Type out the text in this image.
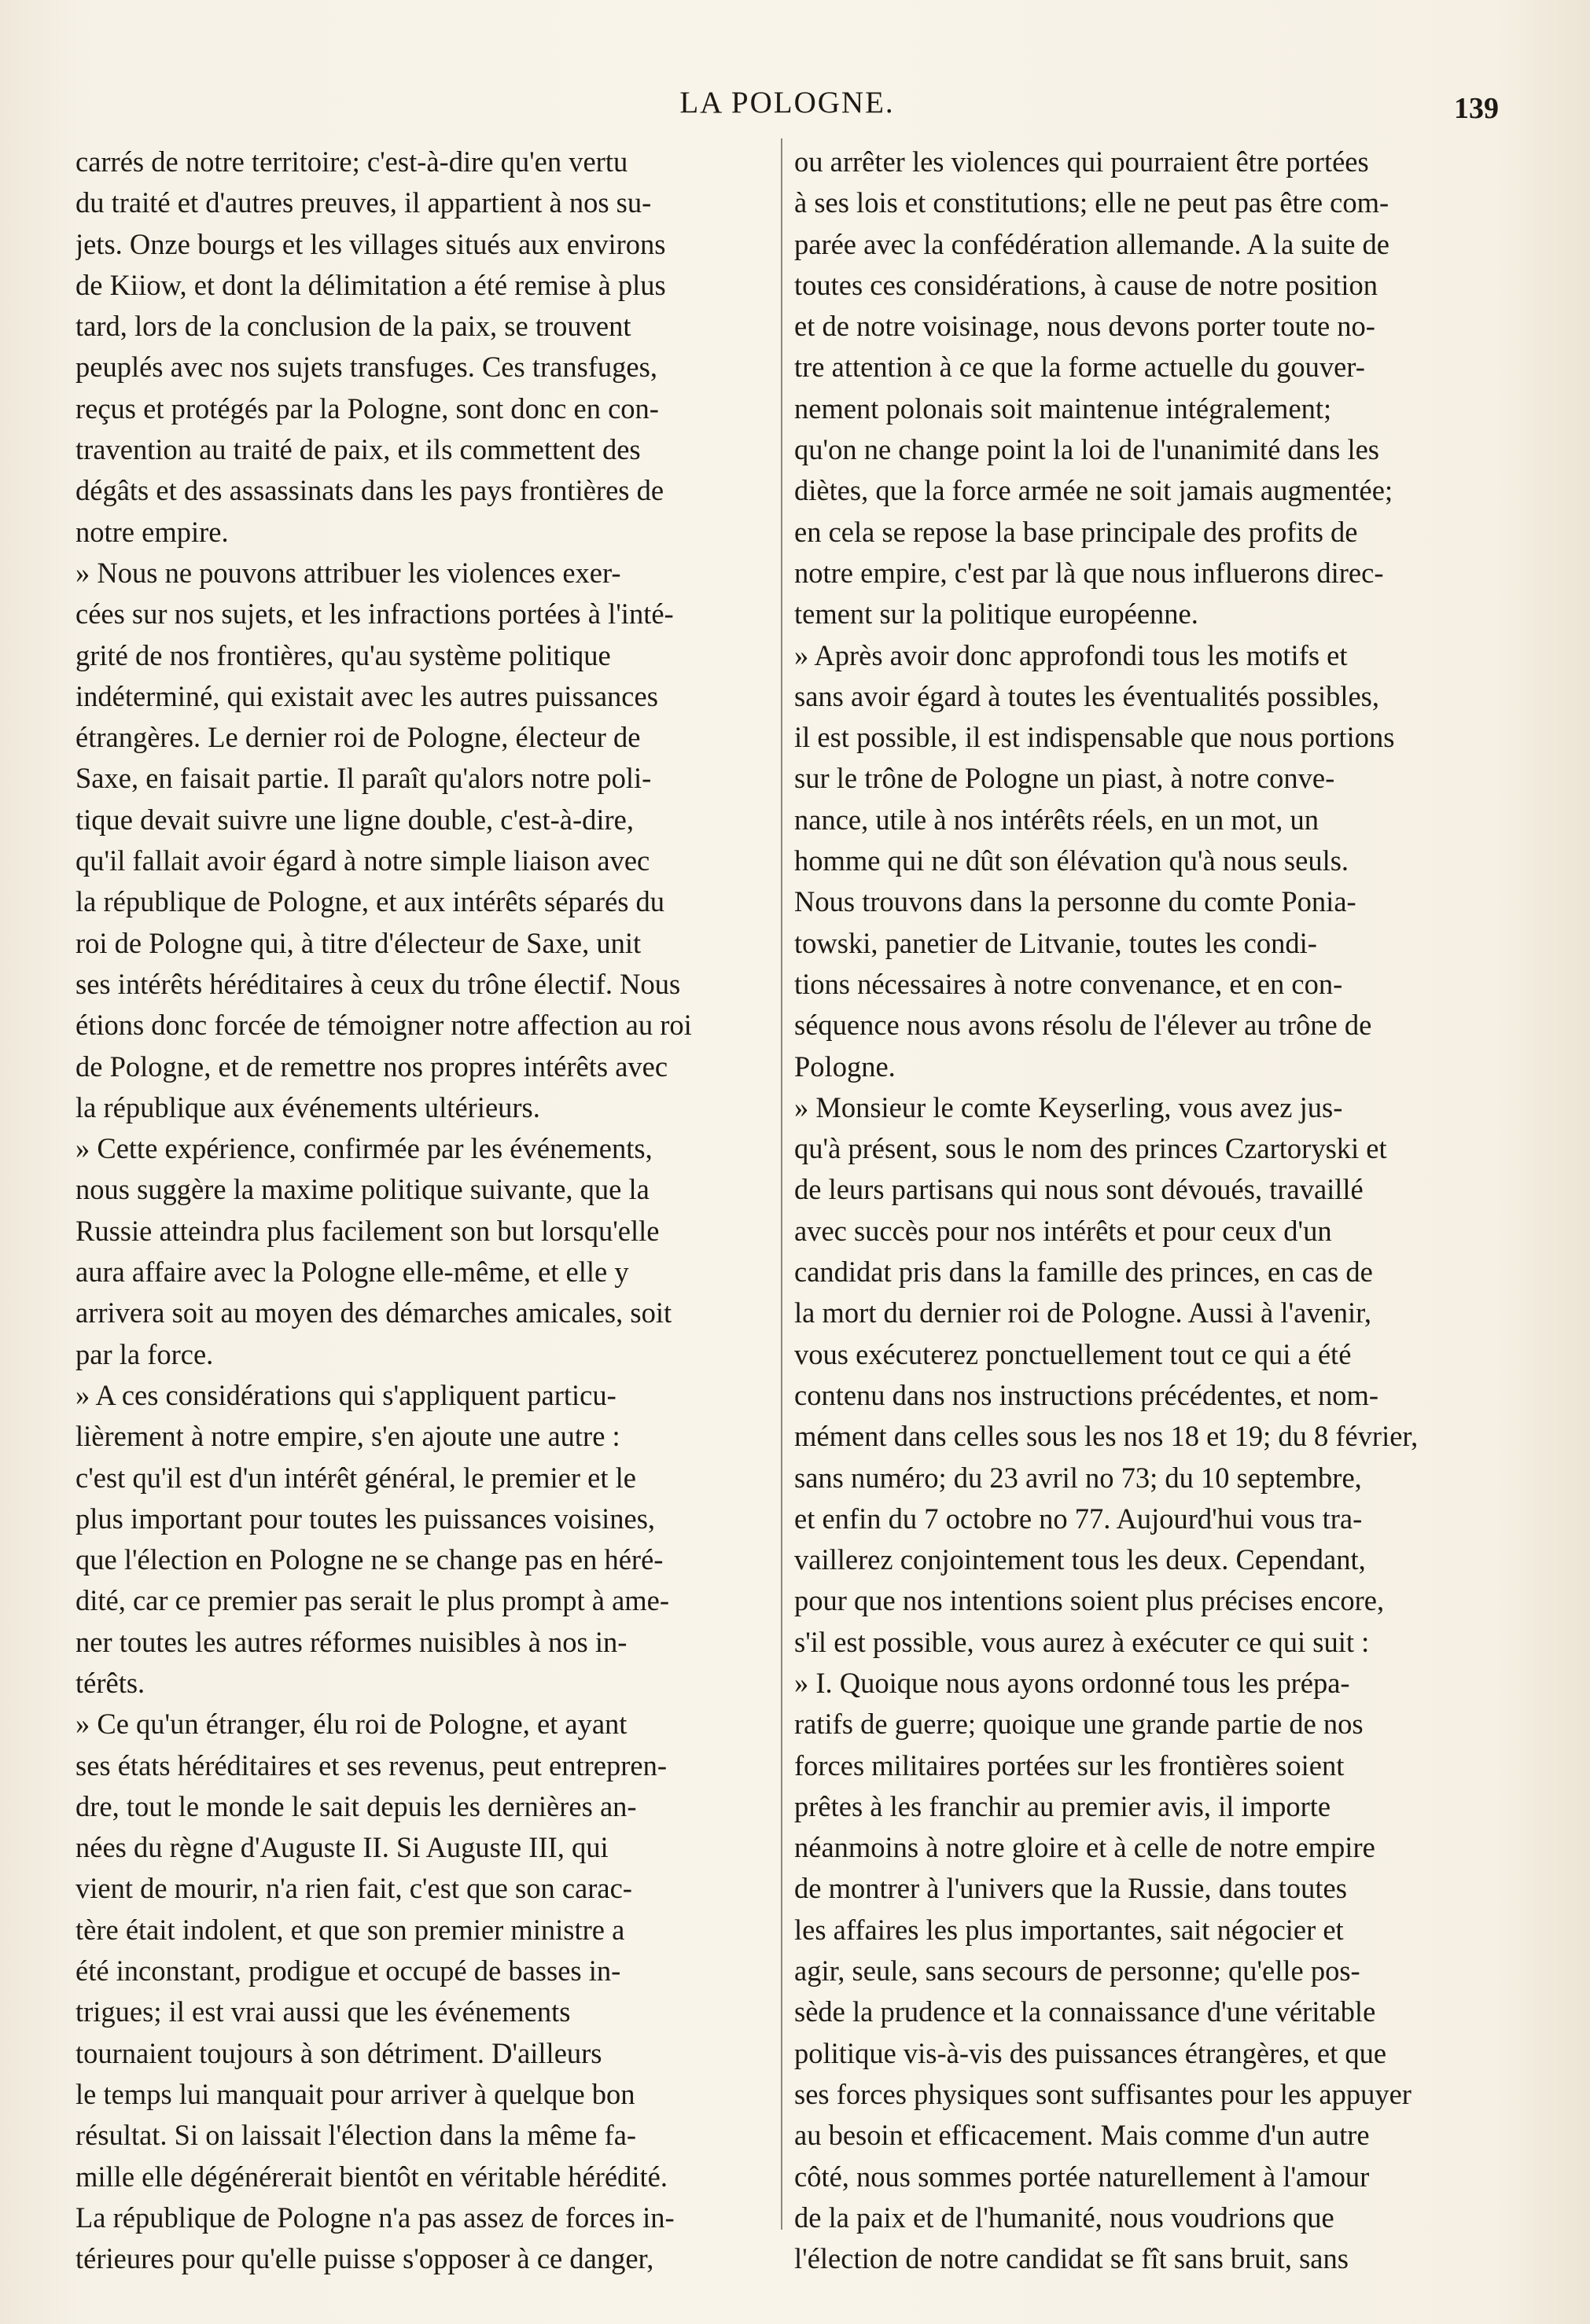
LA POLOGNE.	139
carrés de notre territoire; c'est-à-dire qu'en vertu
du traité et d'autres preuves, il appartient à nos su-
jets. Onze bourgs et les villages situés aux environs
de Kiiow, et dont la délimitation a été remise à plus
tard, lors de la conclusion de la paix, se trouvent
peuplés avec nos sujets transfuges. Ces transfuges,
reçus et protégés par la Pologne, sont donc en con-
travention au traité de paix, et ils commettent des
dégâts et des assassinats dans les pays frontières de
notre empire.
» Nous ne pouvons attribuer les violences exer-
cées sur nos sujets, et les infractions portées à l'inté-
grité de nos frontières, qu'au système politique
indéterminé, qui existait avec les autres puissances
étrangères. Le dernier roi de Pologne, électeur de
Saxe, en faisait partie. Il paraît qu'alors notre poli-
tique devait suivre une ligne double, c'est-à-dire,
qu'il fallait avoir égard à notre simple liaison avec
la république de Pologne, et aux intérêts séparés du
roi de Pologne qui, à titre d'électeur de Saxe, unit
ses intérêts héréditaires à ceux du trône électif. Nous
étions donc forcée de témoigner notre affection au roi
de Pologne, et de remettre nos propres intérêts avec
la république aux événements ultérieurs.
» Cette expérience, confirmée par les événements,
nous suggère la maxime politique suivante, que la
Russie atteindra plus facilement son but lorsqu'elle
aura affaire avec la Pologne elle-même, et elle y
arrivera soit au moyen des démarches amicales, soit
par la force.
» A ces considérations qui s'appliquent particu-
lièrement à notre empire, s'en ajoute une autre :
c'est qu'il est d'un intérêt général, le premier et le
plus important pour toutes les puissances voisines,
que l'élection en Pologne ne se change pas en héré-
dité, car ce premier pas serait le plus prompt à ame-
ner toutes les autres réformes nuisibles à nos in-
térêts.
» Ce qu'un étranger, élu roi de Pologne, et ayant
ses états héréditaires et ses revenus, peut entrepren-
dre, tout le monde le sait depuis les dernières an-
nées du règne d'Auguste II. Si Auguste III, qui
vient de mourir, n'a rien fait, c'est que son carac-
tère était indolent, et que son premier ministre a
été inconstant, prodigue et occupé de basses in-
trigues; il est vrai aussi que les événements
tournaient toujours à son détriment. D'ailleurs
le temps lui manquait pour arriver à quelque bon
résultat. Si on laissait l'élection dans la même fa-
mille elle dégénérerait bientôt en véritable hérédité.
La république de Pologne n'a pas assez de forces in-
térieures pour qu'elle puisse s'opposer à ce danger,
ou arrêter les violences qui pourraient être portées
à ses lois et constitutions; elle ne peut pas être com-
parée avec la confédération allemande. A la suite de
toutes ces considérations, à cause de notre position
et de notre voisinage, nous devons porter toute no-
tre attention à ce que la forme actuelle du gouver-
nement polonais soit maintenue intégralement;
qu'on ne change point la loi de l'unanimité dans les
diètes, que la force armée ne soit jamais augmentée;
en cela se repose la base principale des profits de
notre empire, c'est par là que nous influerons direc-
tement sur la politique européenne.
» Après avoir donc approfondi tous les motifs et
sans avoir égard à toutes les éventualités possibles,
il est possible, il est indispensable que nous portions
sur le trône de Pologne un piast, à notre conve-
nance, utile à nos intérêts réels, en un mot, un
homme qui ne dût son élévation qu'à nous seuls.
Nous trouvons dans la personne du comte Ponia-
towski, panetier de Litvanie, toutes les condi-
tions nécessaires à notre convenance, et en con-
séquence nous avons résolu de l'élever au trône de
Pologne.
» Monsieur le comte Keyserling, vous avez jus-
qu'à présent, sous le nom des princes Czartoryski et
de leurs partisans qui nous sont dévoués, travaillé
avec succès pour nos intérêts et pour ceux d'un
candidat pris dans la famille des princes, en cas de
la mort du dernier roi de Pologne. Aussi à l'avenir,
vous exécuterez ponctuellement tout ce qui a été
contenu dans nos instructions précédentes, et nom-
mément dans celles sous les nos 18 et 19; du 8 février,
sans numéro; du 23 avril no 73; du 10 septembre,
et enfin du 7 octobre no 77. Aujourd'hui vous tra-
vaillerez conjointement tous les deux. Cependant,
pour que nos intentions soient plus précises encore,
s'il est possible, vous aurez à exécuter ce qui suit :
» I. Quoique nous ayons ordonné tous les prépa-
ratifs de guerre; quoique une grande partie de nos
forces militaires portées sur les frontières soient
prêtes à les franchir au premier avis, il importe
néanmoins à notre gloire et à celle de notre empire
de montrer à l'univers que la Russie, dans toutes
les affaires les plus importantes, sait négocier et
agir, seule, sans secours de personne; qu'elle pos-
sède la prudence et la connaissance d'une véritable
politique vis-à-vis des puissances étrangères, et que
ses forces physiques sont suffisantes pour les appuyer
au besoin et efficacement. Mais comme d'un autre
côté, nous sommes portée naturellement à l'amour
de la paix et de l'humanité, nous voudrions que
l'élection de notre candidat se fît sans bruit, sans
